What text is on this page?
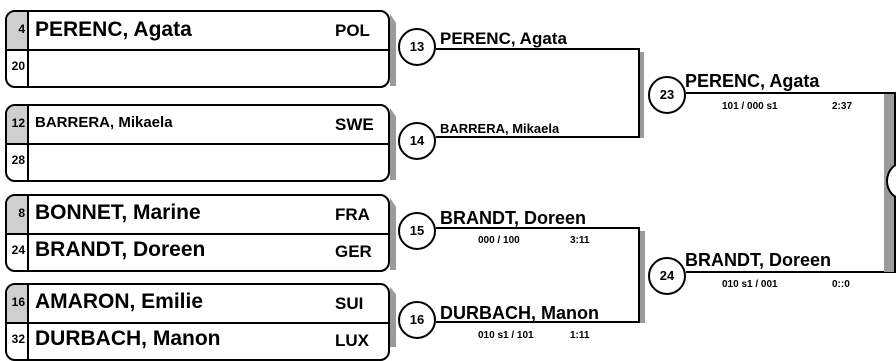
4 PERENC, Agata	POL
20
12 BARRERA, Mikaela	SWE
28
8 BONNET, Marine	FRA
24 BRANDT, Doreen	GER
16 AMARON, Emilie	SUI
32 DURBACH, Manon	LUX
13
14
15
16
PERENC, Agata
BARRERA, Mikaela
BRANDT, Doreen
DURBACH, Manon
000 / 100	3:11
010 s1 / 101	1:11
23
24
PERENC, Agata
BRANDT, Doreen
101 / 000 s1	2:37
010 s1 / 001	0::0
